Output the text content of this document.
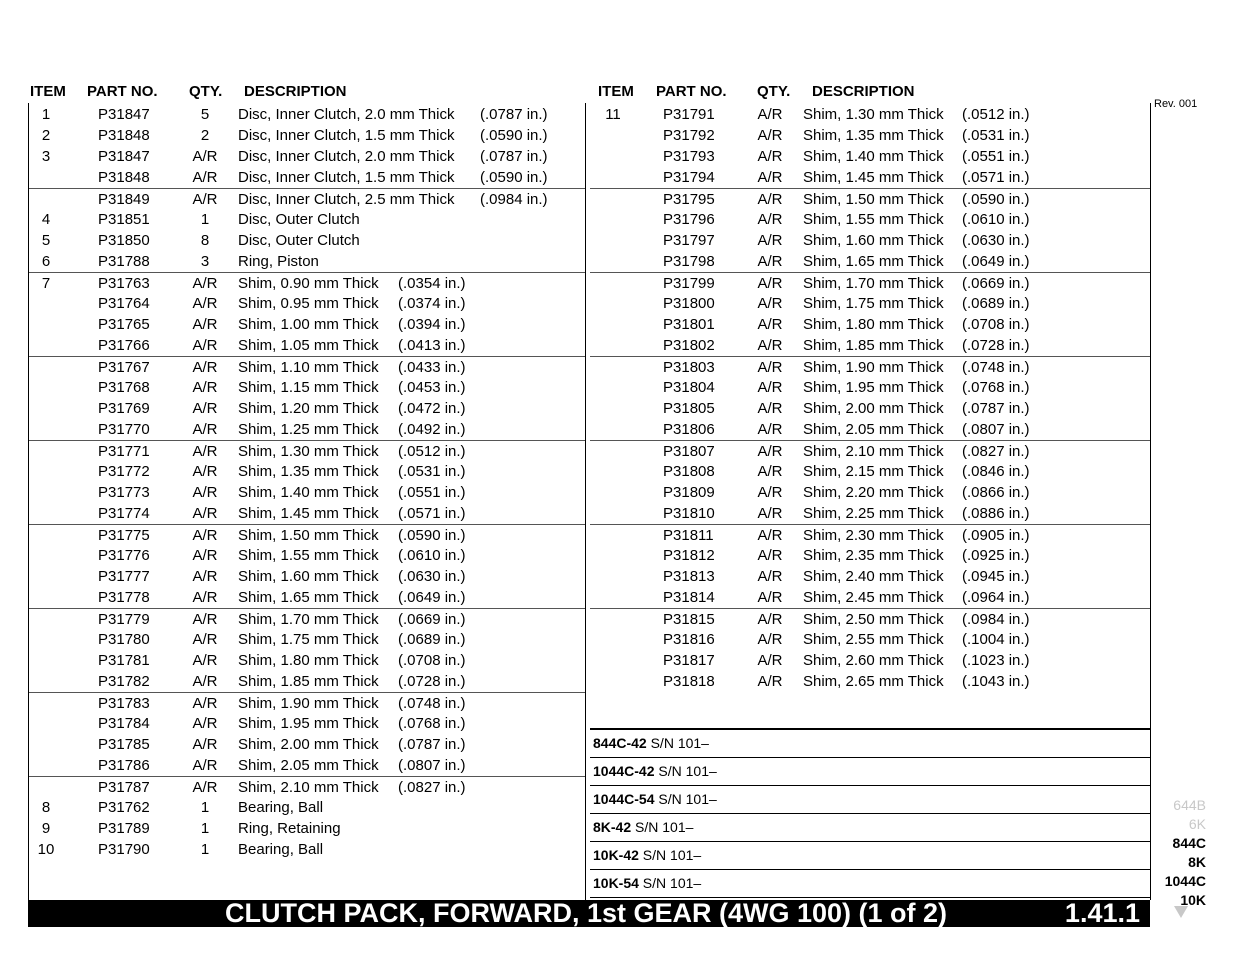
ITEM PART NO. QTY. DESCRIPTION	ITEM PART NO. QTY. DESCRIPTION
Rev. 001
1	P31847	5	Disc, Inner Clutch, 2.0 mm Thick (.0787 in.)
2	P31848	2	Disc, Inner Clutch, 1.5 mm Thick (.0590 in.)
3	P31847	A/R	Disc, Inner Clutch, 2.0 mm Thick (.0787 in.)
P31848	A/R	Disc, Inner Clutch, 1.5 mm Thick (.0590 in.)
P31849	A/R	Disc, Inner Clutch, 2.5 mm Thick (.0984 in.)
4	P31851	1	Disc, Outer Clutch
5	P31850	8	Disc, Outer Clutch
6	P31788	3	Ring, Piston
7	P31763	A/R	Shim, 0.90 mm Thick (.0354 in.)
P31764	A/R	Shim, 0.95 mm Thick (.0374 in.)
P31765	A/R	Shim, 1.00 mm Thick (.0394 in.)
P31766	A/R	Shim, 1.05 mm Thick (.0413 in.)
P31767	A/R	Shim, 1.10 mm Thick (.0433 in.)
P31768	A/R	Shim, 1.15 mm Thick (.0453 in.)
P31769	A/R	Shim, 1.20 mm Thick (.0472 in.)
P31770	A/R	Shim, 1.25 mm Thick (.0492 in.)
P31771	A/R	Shim, 1.30 mm Thick (.0512 in.)
P31772	A/R	Shim, 1.35 mm Thick (.0531 in.)
P31773	A/R	Shim, 1.40 mm Thick (.0551 in.)
P31774	A/R	Shim, 1.45 mm Thick (.0571 in.)
P31775	A/R	Shim, 1.50 mm Thick (.0590 in.)
P31776	A/R	Shim, 1.55 mm Thick (.0610 in.)
P31777	A/R	Shim, 1.60 mm Thick (.0630 in.)
P31778	A/R	Shim, 1.65 mm Thick (.0649 in.)
P31779	A/R	Shim, 1.70 mm Thick (.0669 in.)
P31780	A/R	Shim, 1.75 mm Thick (.0689 in.)
P31781	A/R	Shim, 1.80 mm Thick (.0708 in.)
P31782	A/R	Shim, 1.85 mm Thick (.0728 in.)
P31783	A/R	Shim, 1.90 mm Thick (.0748 in.)
P31784	A/R	Shim, 1.95 mm Thick (.0768 in.)
P31785	A/R	Shim, 2.00 mm Thick (.0787 in.)
P31786	A/R	Shim, 2.05 mm Thick (.0807 in.)
P31787	A/R	Shim, 2.10 mm Thick (.0827 in.)
8	P31762	1	Bearing, Ball
9	P31789	1	Ring, Retaining
10	P31790	1	Bearing, Ball
11	P31791	A/R	Shim, 1.30 mm Thick (.0512 in.)
P31792	A/R	Shim, 1.35 mm Thick (.0531 in.)
P31793	A/R	Shim, 1.40 mm Thick (.0551 in.)
P31794	A/R	Shim, 1.45 mm Thick (.0571 in.)
P31795	A/R	Shim, 1.50 mm Thick (.0590 in.)
P31796	A/R	Shim, 1.55 mm Thick (.0610 in.)
P31797	A/R	Shim, 1.60 mm Thick (.0630 in.)
P31798	A/R	Shim, 1.65 mm Thick (.0649 in.)
P31799	A/R	Shim, 1.70 mm Thick (.0669 in.)
P31800	A/R	Shim, 1.75 mm Thick (.0689 in.)
P31801	A/R	Shim, 1.80 mm Thick (.0708 in.)
P31802	A/R	Shim, 1.85 mm Thick (.0728 in.)
P31803	A/R	Shim, 1.90 mm Thick (.0748 in.)
P31804	A/R	Shim, 1.95 mm Thick (.0768 in.)
P31805	A/R	Shim, 2.00 mm Thick (.0787 in.)
P31806	A/R	Shim, 2.05 mm Thick (.0807 in.)
P31807	A/R	Shim, 2.10 mm Thick (.0827 in.)
P31808	A/R	Shim, 2.15 mm Thick (.0846 in.)
P31809	A/R	Shim, 2.20 mm Thick (.0866 in.)
P31810	A/R	Shim, 2.25 mm Thick (.0886 in.)
P31811	A/R	Shim, 2.30 mm Thick (.0905 in.)
P31812	A/R	Shim, 2.35 mm Thick (.0925 in.)
P31813	A/R	Shim, 2.40 mm Thick (.0945 in.)
P31814	A/R	Shim, 2.45 mm Thick (.0964 in.)
P31815	A/R	Shim, 2.50 mm Thick (.0984 in.)
P31816	A/R	Shim, 2.55 mm Thick (.1004 in.)
P31817	A/R	Shim, 2.60 mm Thick (.1023 in.)
P31818	A/R	Shim, 2.65 mm Thick (.1043 in.)
844C-42 S/N 101–
1044C-42 S/N 101–
1044C-54 S/N 101–
8K-42 S/N 101–
10K-42 S/N 101–
10K-54 S/N 101–
644B
6K
844C
8K
1044C
10K
CLUTCH PACK, FORWARD, 1st GEAR (4WG 100) (1 of 2)	1.41.1
